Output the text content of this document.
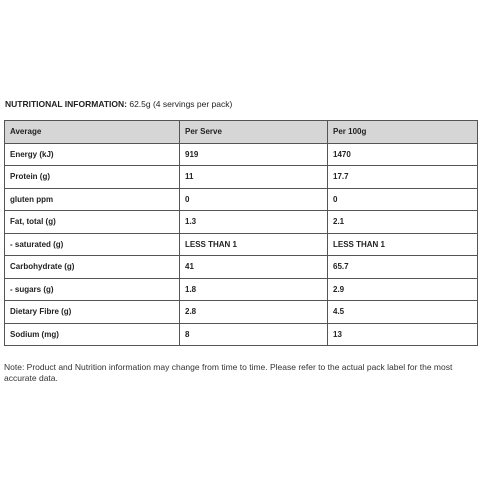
NUTRITIONAL INFORMATION: 62.5g (4 servings per pack)
Average	Per Serve	Per 100g
Energy (kJ)	919	1470
Protein (g)	11	17.7
gluten ppm	0	0
Fat, total (g)	1.3	2.1
- saturated (g)	LESS THAN 1	LESS THAN 1
Carbohydrate (g)	41	65.7
- sugars (g)	1.8	2.9
Dietary Fibre (g)	2.8	4.5
Sodium (mg)	8	13
Note: Product and Nutrition information may change from time to time. Please refer to the actual pack label for the most accurate data.
